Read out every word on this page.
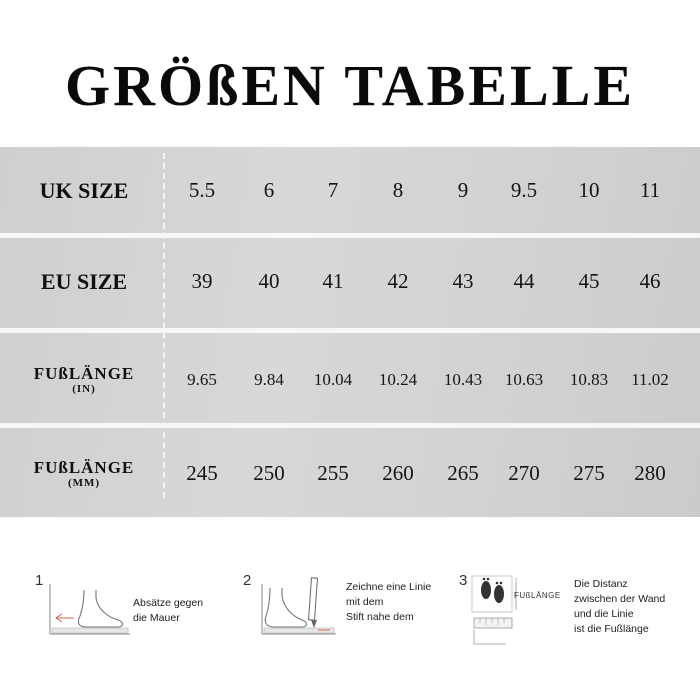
GRÖßEN TABELLE
UK SIZE	5.5	6	7	8	9	9.5	10	11
EU SIZE	39	40	41	42	43	44	45	46
FUßLÄNGE
(IN)	9.65	9.84	10.04	10.24	10.43	10.63	10.83	11.02
FUßLÄNGE
(MM)	245	250	255	260	265	270	275	280
1
Absätze gegen
die Mauer
2	Zeichne eine Linie
mit dem
Stift nahe dem
3
FUßLÄNGE
Die Distanz
zwischen der Wand
und die Linie
ist die Fußlänge
